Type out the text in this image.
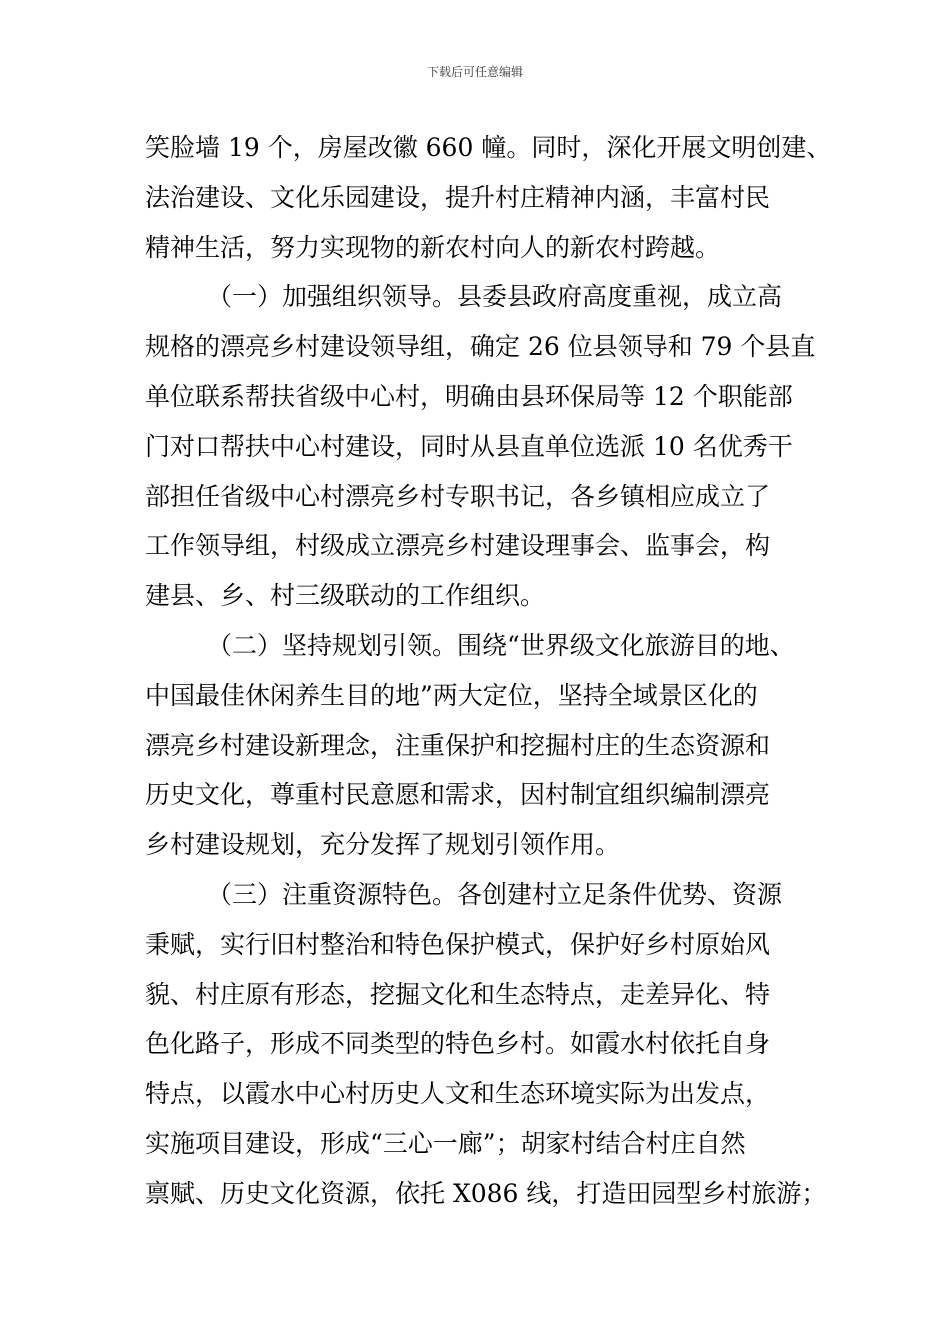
下载后可任意编辑
笑脸墙 19 个，房屋改徽 660 幢。同时，深化开展文明创建、
法治建设、文化乐园建设，提升村庄精神内涵，丰富村民
精神生活，努力实现物的新农村向人的新农村跨越。
（一）加强组织领导。县委县政府高度重视，成立高
规格的漂亮乡村建设领导组，确定 26 位县领导和 79 个县直
单位联系帮扶省级中心村，明确由县环保局等 12 个职能部
门对口帮扶中心村建设，同时从县直单位选派 10 名优秀干
部担任省级中心村漂亮乡村专职书记，各乡镇相应成立了
工作领导组，村级成立漂亮乡村建设理事会、监事会，构
建县、乡、村三级联动的工作组织。
（二）坚持规划引领。围绕“世界级文化旅游目的地、
中国最佳休闲养生目的地”两大定位，坚持全域景区化的
漂亮乡村建设新理念，注重保护和挖掘村庄的生态资源和
历史文化，尊重村民意愿和需求，因村制宜组织编制漂亮
乡村建设规划，充分发挥了规划引领作用。
（三）注重资源特色。各创建村立足条件优势、资源
秉赋，实行旧村整治和特色保护模式，保护好乡村原始风
貌、村庄原有形态，挖掘文化和生态特点，走差异化、特
色化路子，形成不同类型的特色乡村。如霞水村依托自身
特点，以霞水中心村历史人文和生态环境实际为出发点，
实施项目建设，形成“三心一廊”；胡家村结合村庄自然
禀赋、历史文化资源，依托 X086 线，打造田园型乡村旅游；
